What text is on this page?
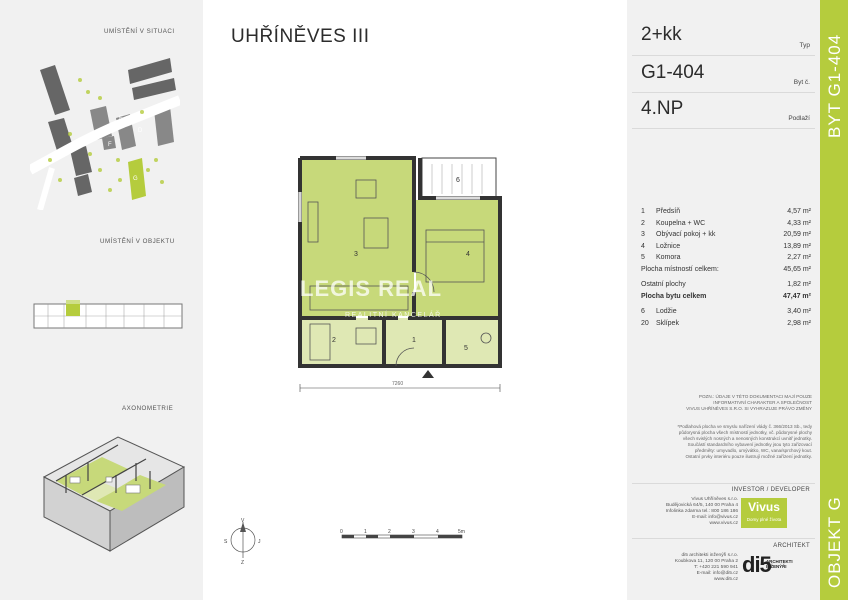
UMÍSTĚNÍ V SITUACI
E
D
F
G
UMÍSTĚNÍ V OBJEKTU
AXONOMETRIE
UHŘÍNĚVES III
3	4
2	1
5
6
7260
LEGIS REAL
REALITNÍ KANCELÁŘ
V
S	J
Z
0	1	2	3	4	5m
2+kk
Typ
G1-404	Byt č.
4.NP	Podlaží
1	Předsíň	4,57 m²
2	Koupelna + WC	4,33 m²
3	Obývací pokoj + kk	20,59 m²
4	Ložnice	13,89 m²
5	Komora	2,27 m²
Plocha místností celkem:	45,65 m²
Ostatní plochy	1,82 m²
Plocha bytu celkem	47,47 m²
6	Lodžie	3,40 m²
20	Sklípek	2,98 m²
POZN.: ÚDAJE V TÉTO DOKUMENTACI MAJÍ POUZE
INFORMATIVNÍ CHARAKTER A SPOLEČNOST
VIVUS UHŘÍNĚVES S.R.O. SI VYHRAZUJE PRÁVO ZMĚNY
*Podlahová plocha ve smyslu nařízení vlády č. 366/2013 Sb., tedy
půdorysná plocha všech místností jednotky, vč. půdorysné plochy
všech svislých nosných a nenosných konstrukcí uvnitř jednotky.
Součástí standardního vybavení jednotky jsou tyto zařizovací
předměty: umyvadlo, umývátko, WC, vana/sprchový kout.
Ostatní prvky interiéru pouze ilustrují možné zařízení jednotky.
INVESTOR / DEVELOPER
Vivus Uhříněves s.r.o.
Budějovická 64/5, 140 00 Praha 4
Infolinka zdarma tel.: 800 186 186
E-mail: info@vivus.cz
www.vivus.cz
Vivus
Domy plné života
ARCHITEKT
di5 architekti inženýři s.r.o.
Koubkova 11, 120 00 Praha 2
T: +420 221 590 941
E-mail: info@di5.cz
www.di5.cz
di5
ARCHITEKTI
INŽENÝŘI
BYT G1-404
OBJEKT G
